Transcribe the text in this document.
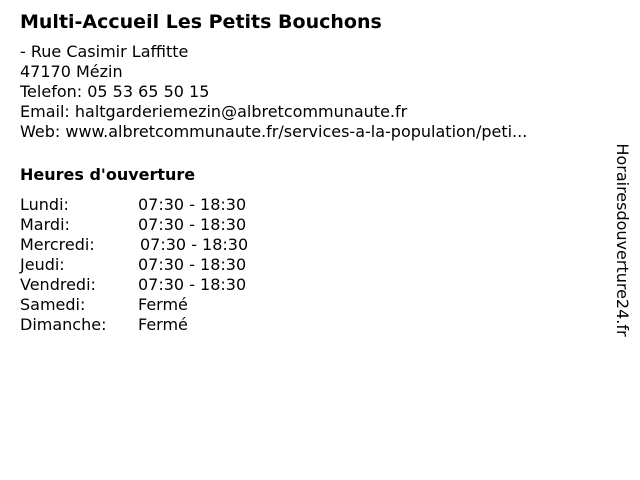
Multi-Accueil Les Petits Bouchons
- Rue Casimir Laffitte
47170 Mézin
Telefon: 05 53 65 50 15
Email: haltgarderiemezin@albretcommunaute.fr
Web: www.albretcommunaute.fr/services-a-la-population/peti...
Heures d'ouverture
Lundi:	07:30 - 18:30
Mardi:	07:30 - 18:30
Mercredi:	07:30 - 18:30
Jeudi:	07:30 - 18:30
Vendredi:	07:30 - 18:30
Samedi:	Fermé
Dimanche:	Fermé	Horairesdouverture24.fr
